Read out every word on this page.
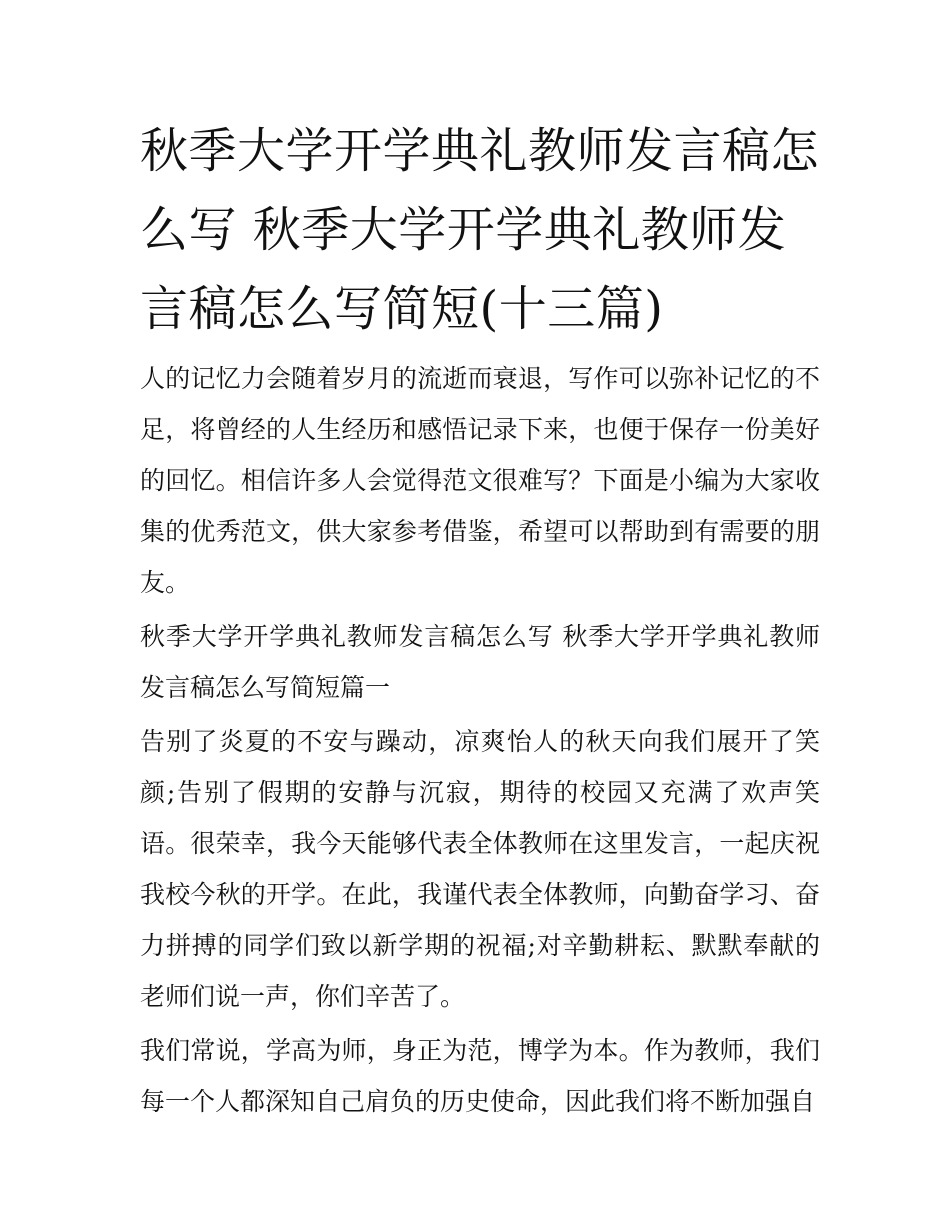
秋季大学开学典礼教师发言稿怎么写 秋季大学开学典礼教师发言稿怎么写简短(十三篇)

人的记忆力会随着岁月的流逝而衰退，写作可以弥补记忆的不足，将曾经的人生经历和感悟记录下来，也便于保存一份美好的回忆。相信许多人会觉得范文很难写？下面是小编为大家收集的优秀范文，供大家参考借鉴，希望可以帮助到有需要的朋友。

秋季大学开学典礼教师发言稿怎么写 秋季大学开学典礼教师发言稿怎么写简短篇一

告别了炎夏的不安与躁动，凉爽怡人的秋天向我们展开了笑颜;告别了假期的安静与沉寂，期待的校园又充满了欢声笑语。很荣幸，我今天能够代表全体教师在这里发言，一起庆祝我校今秋的开学。在此，我谨代表全体教师，向勤奋学习、奋力拼搏的同学们致以新学期的祝福;对辛勤耕耘、默默奉献的老师们说一声，你们辛苦了。

我们常说，学高为师，身正为范，博学为本。作为教师，我们每一个人都深知自己肩负的历史使命，因此我们将不断加强自
